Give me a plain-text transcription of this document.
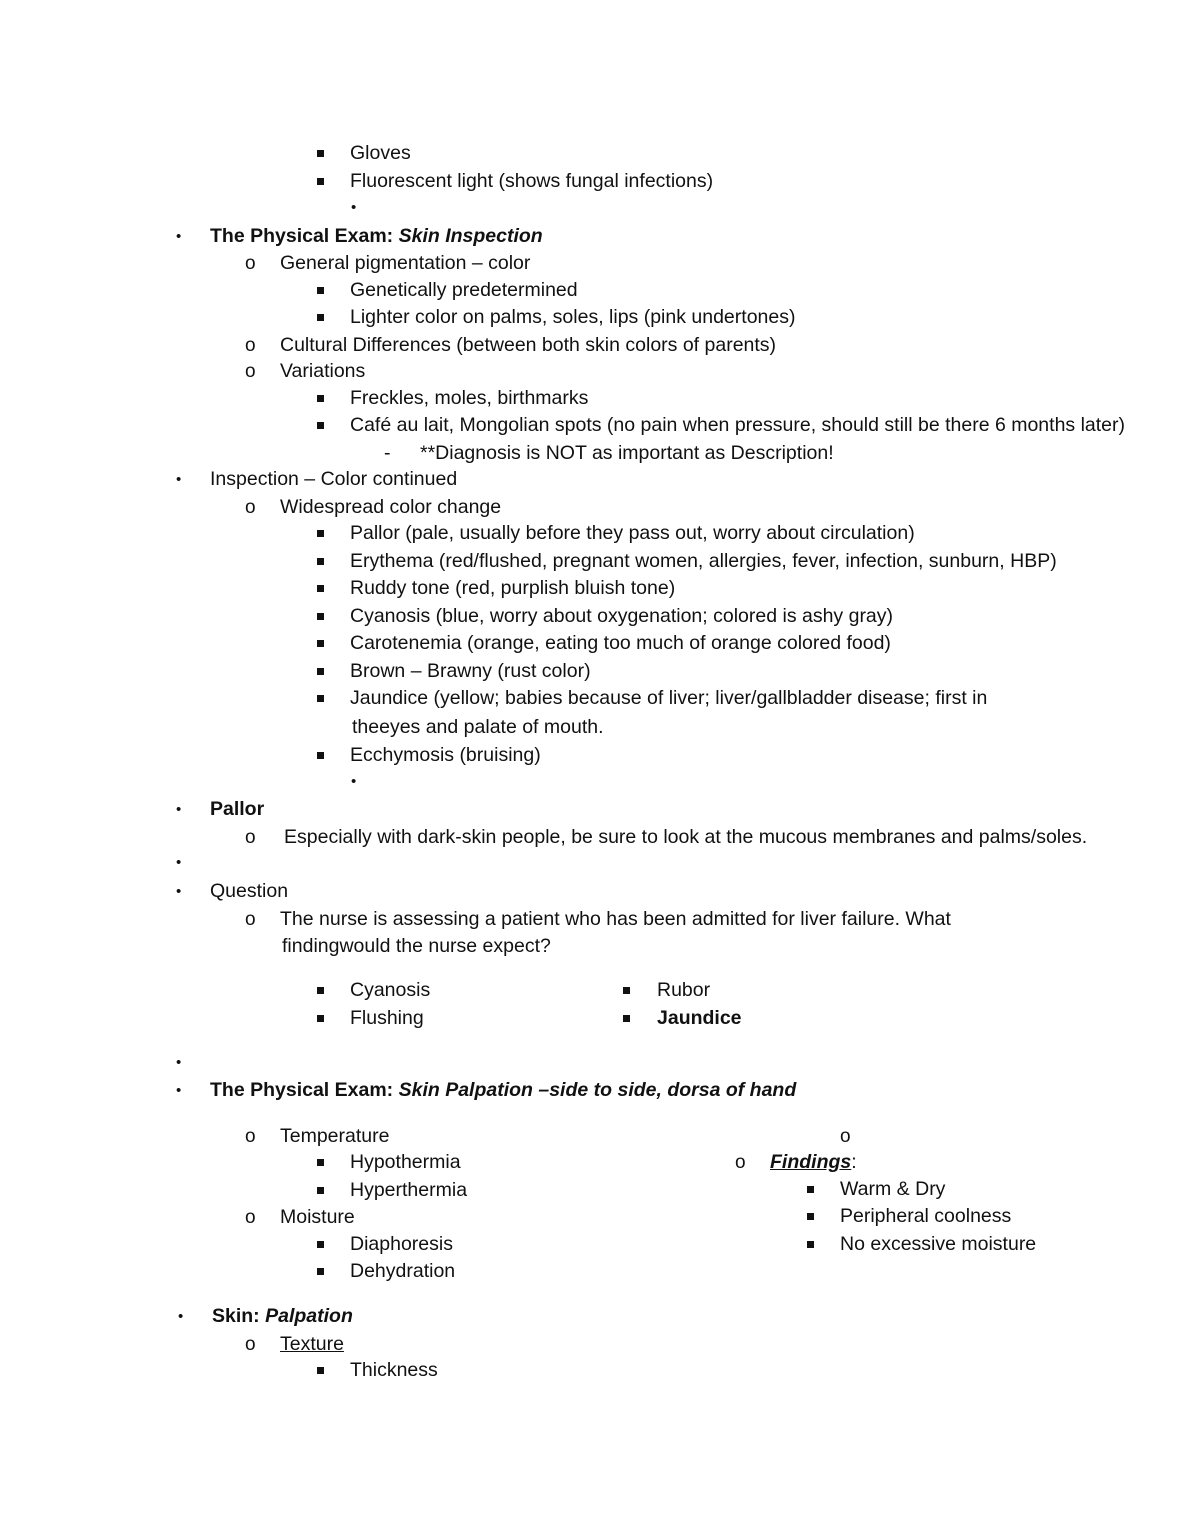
Gloves
Fluorescent light (shows fungal infections)
•
• The Physical Exam: Skin Inspection
o General pigmentation – color
Genetically predetermined
Lighter color on palms, soles, lips (pink undertones)
o Cultural Differences (between both skin colors of parents)
o Variations
Freckles, moles, birthmarks
Café au lait, Mongolian spots (no pain when pressure, should still be there 6 months later)
- **Diagnosis is NOT as important as Description!
• Inspection – Color continued
o Widespread color change
Pallor (pale, usually before they pass out, worry about circulation)
Erythema (red/flushed, pregnant women, allergies, fever, infection, sunburn, HBP)
Ruddy tone (red, purplish bluish tone)
Cyanosis (blue, worry about oxygenation; colored is ashy gray)
Carotenemia (orange, eating too much of orange colored food)
Brown – Brawny (rust color)
Jaundice (yellow; babies because of liver; liver/gallbladder disease; first in
theeyes and palate of mouth.
Ecchymosis (bruising)
•
• Pallor
o Especially with dark-skin people, be sure to look at the mucous membranes and palms/soles.
•
• Question
o The nurse is assessing a patient who has been admitted for liver failure. What
findingwould the nurse expect?
Cyanosis
Flushing
Rubor
Jaundice
•
• The Physical Exam: Skin Palpation –side to side, dorsa of hand
o Temperature
Hypothermia
Hyperthermia
o Moisture
Diaphoresis
Dehydration
o
o Findings:
Warm & Dry
Peripheral coolness
No excessive moisture
• Skin: Palpation
o Texture
Thickness
